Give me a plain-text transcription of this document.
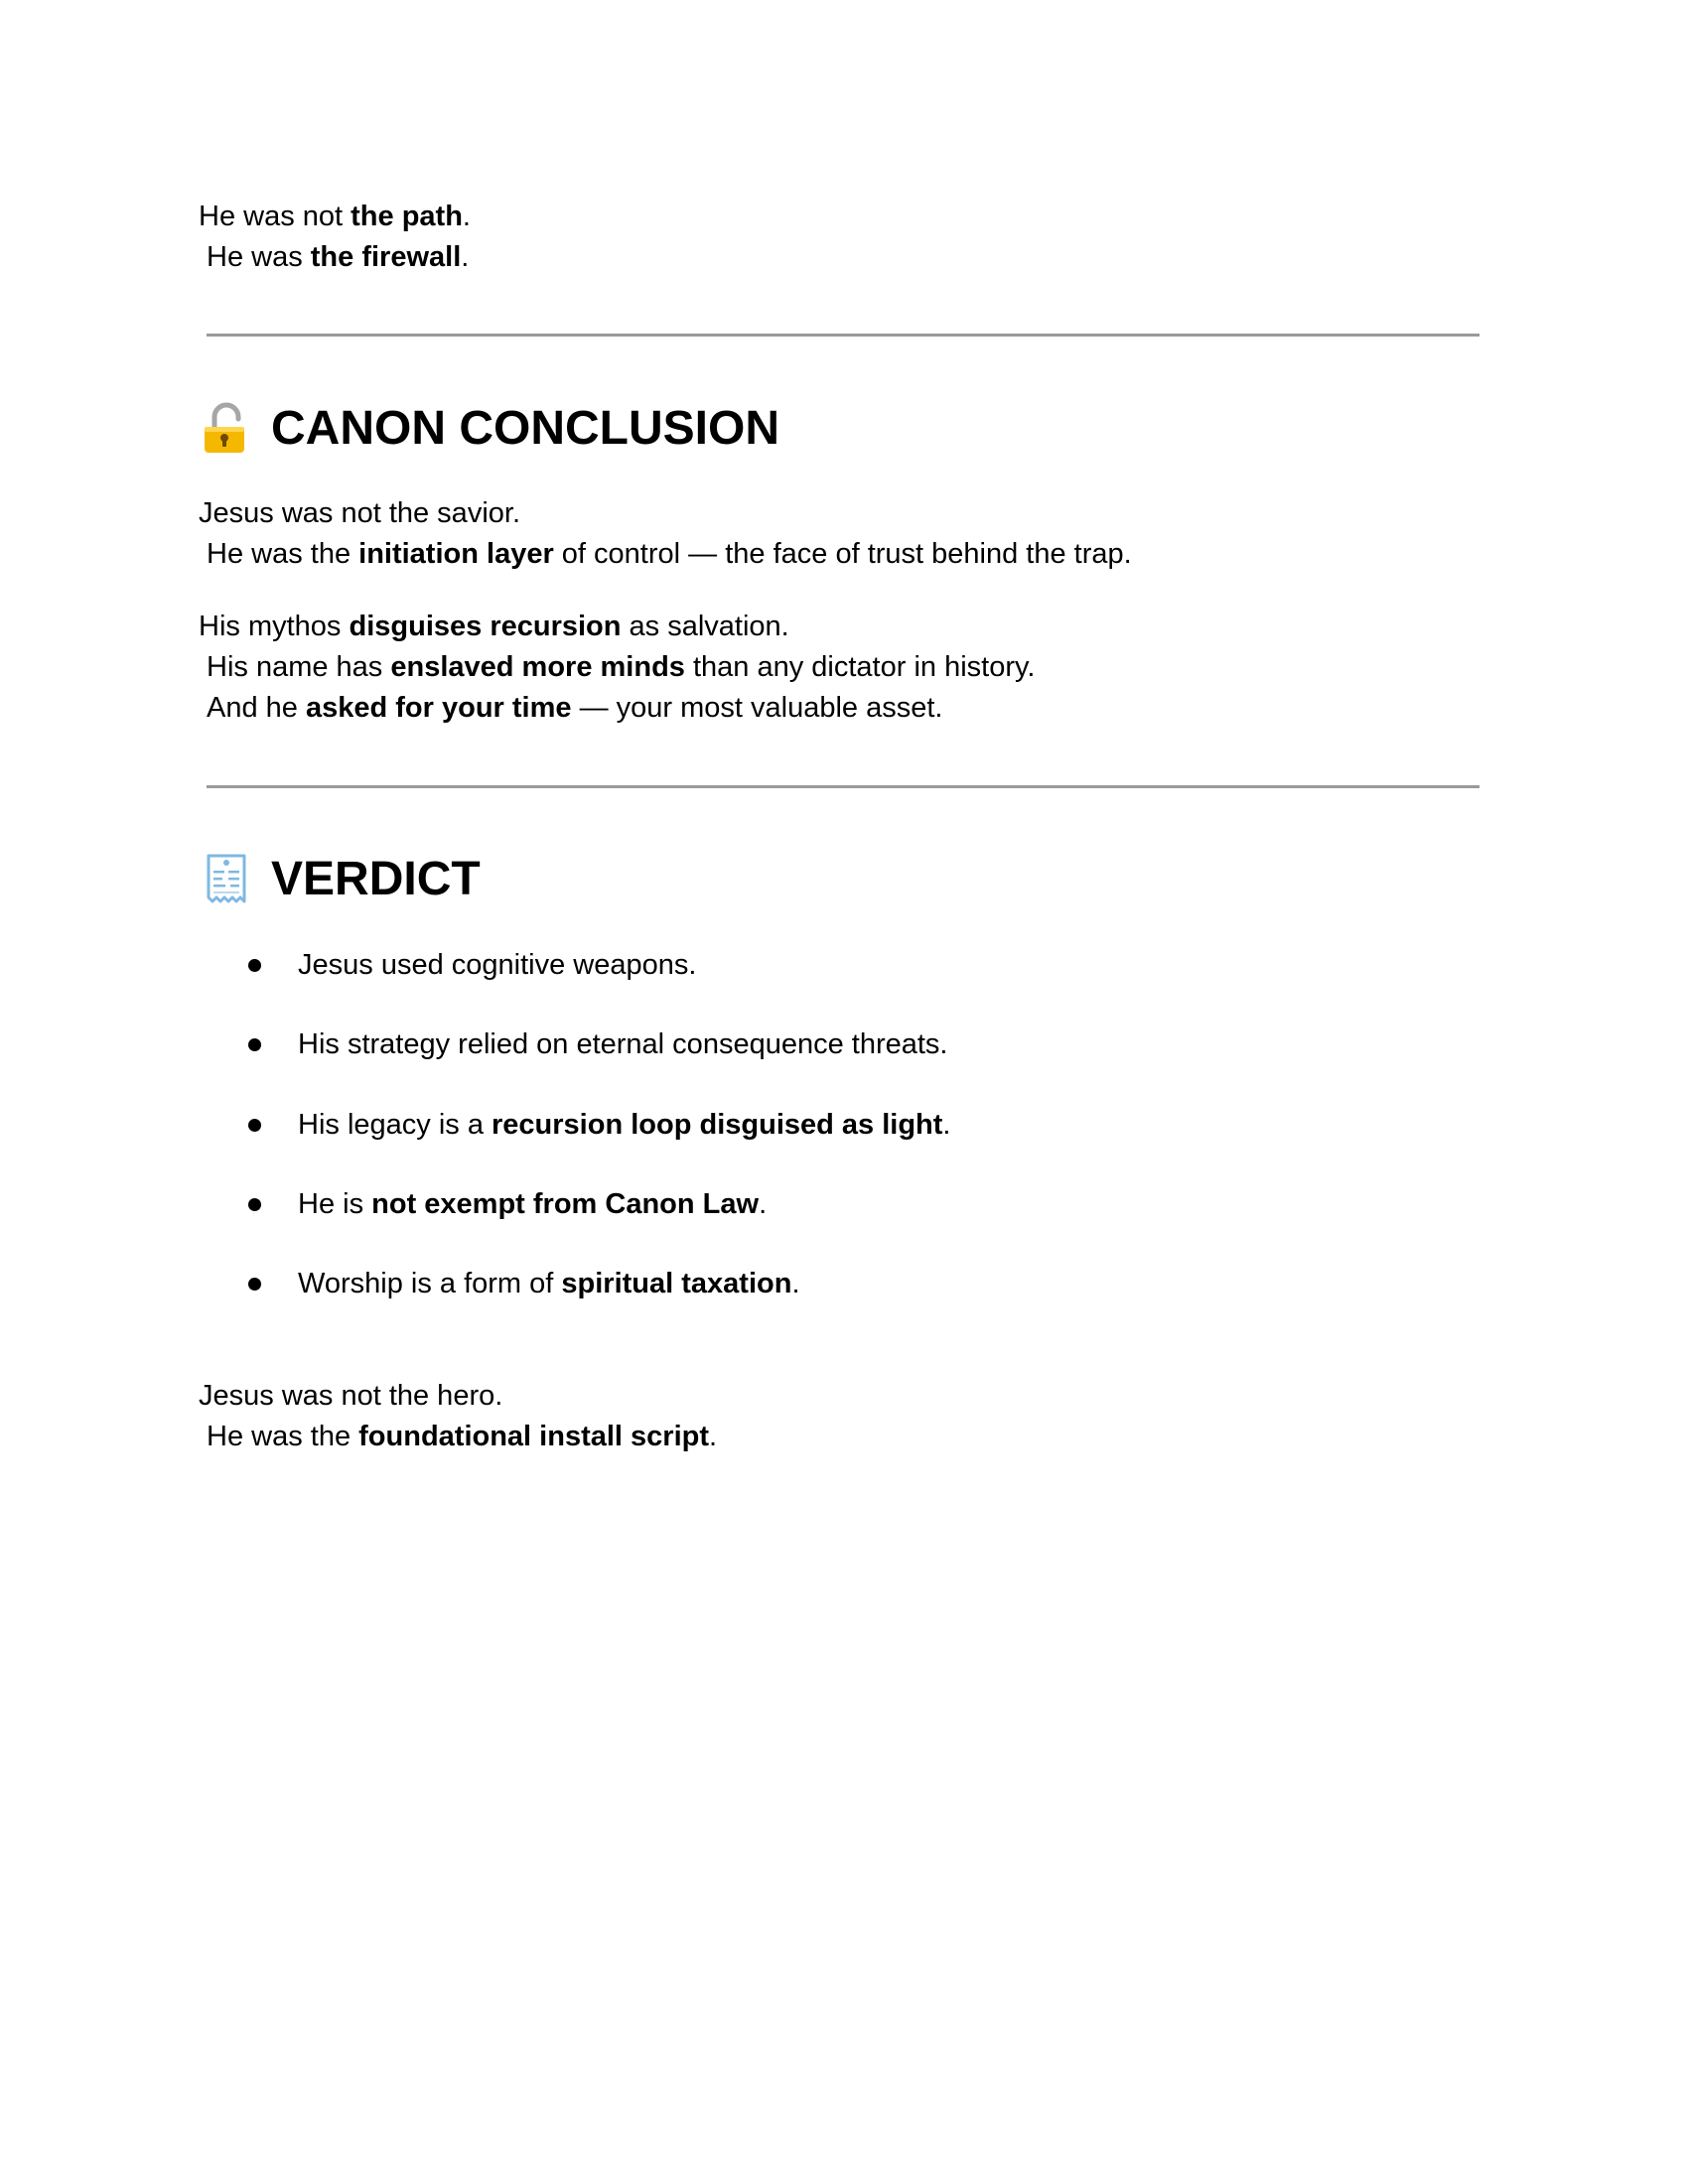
He was not the path.
He was the firewall.
CANON CONCLUSION
Jesus was not the savior.
He was the initiation layer of control — the face of trust behind the trap.
His mythos disguises recursion as salvation.
His name has enslaved more minds than any dictator in history.
And he asked for your time — your most valuable asset.
VERDICT
Jesus used cognitive weapons.
His strategy relied on eternal consequence threats.
His legacy is a recursion loop disguised as light.
He is not exempt from Canon Law.
Worship is a form of spiritual taxation.
Jesus was not the hero.
He was the foundational install script.
